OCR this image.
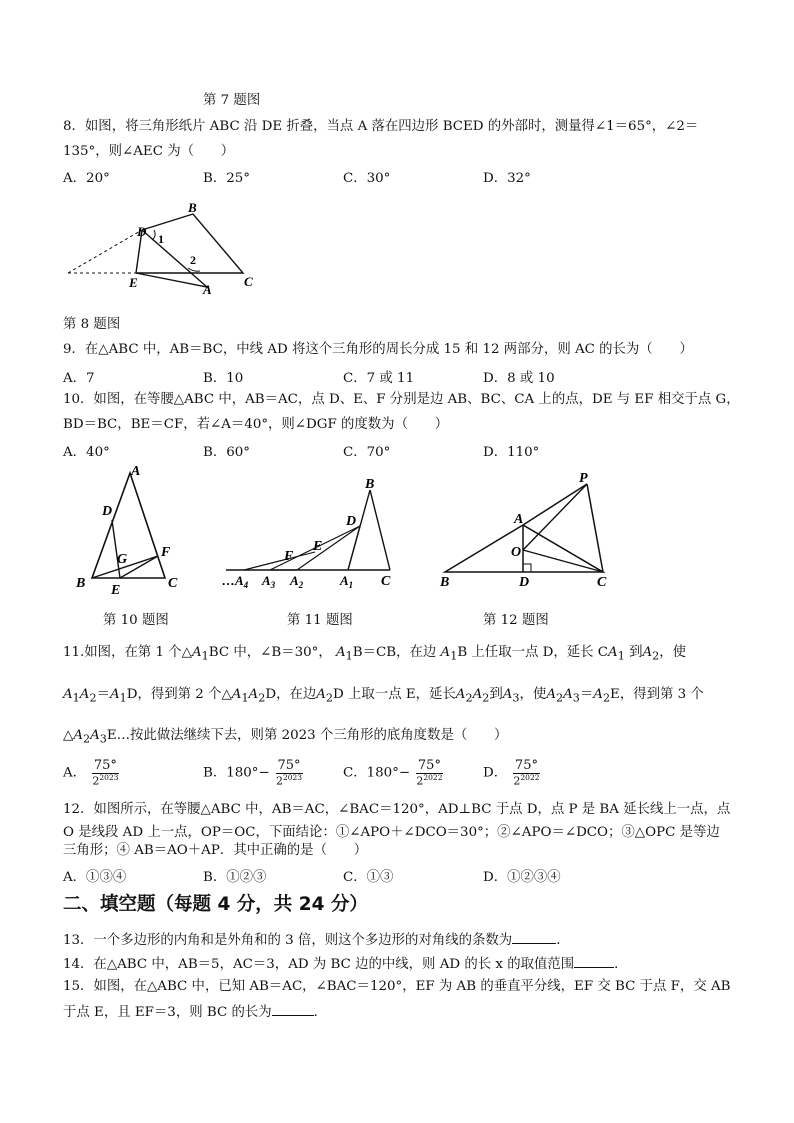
第 7 题图
8．如图，将三角形纸片 ABC 沿 DE 折叠，当点 A 落在四边形 BCED 的外部时，测量得∠1＝65°，∠2＝
135°，则∠AEC 为（　　）
A．20°	B．25°	C．30°	D．32°
B
D 1
2
E	A
C
第 8 题图
9．在△ABC 中，AB＝BC，中线 AD 将这个三角形的周长分成 15 和 12 两部分，则 AC 的长为（　　）
A．7	B．10	C．7 或 11	D．8 或 10
10．如图，在等腰△ABC 中，AB＝AC，点 D、E、F 分别是边 AB、BC、CA 上的点，DE 与 EF 相交于点 G，
BD＝BC，BE＝CF，若∠A＝40°，则∠DGF 的度数为（　　）
A．40°	B．60°	C．70°	D．110°
A
D
G F
B E	C
B
D
E
F
$\dots A_4$ $A_3$ $A_2$	$A_1$ C
P
A
O
B	D	C
第 10 题图	第 11 题图	第 12 题图
11.如图，在第 1 个$\triangle A_1BC$ 中，∠B＝30°， $A_1B=CB$，在边 $A_1B$ 上任取一点 D，延长 $CA_1$ 到$A_2$，使
$A_1A_2=A_1D$，得到第 2 个$\triangle A_1A_2D$，在边$A_2D$ 上取一点 E，延长$A_2A_2$到$A_3$，使$A_2A_3=A_2E$，得到第 3 个
$\triangle A_2A_3E\dots$按此做法继续下去，则第 2023 个三角形的底角度数是（　　）
A． $\frac{75^\circ}{2^{2023}}$	B．$180^\circ- \frac{75^\circ}{2^{2023}}$	C．$180^\circ- \frac{75^\circ}{2^{2022}}$	D． $\frac{75^\circ}{2^{2022}}$
12．如图所示，在等腰△ABC 中，AB＝AC，∠BAC＝120°，AD⊥BC 于点 D，点 P 是 BA 延长线上一点，点
O 是线段 AD 上一点，OP＝OC，下面结论：①∠APO＋∠DCO＝30°；②∠APO＝∠DCO；③△OPC 是等边
三角形；④ AB＝AO＋AP．其中正确的是（　　）
A．①③④	B．①②③	C．①③	D．①②③④
二、填空题（每题 4 分，共 24 分）
13．一个多边形的内角和是外角和的 3 倍，则这个多边形的对角线的条数为	．
14．在△ABC 中，AB＝5，AC＝3，AD 为 BC 边的中线，则 AD 的长 x 的取值范围	．
15．如图，在△ABC 中，已知 AB＝AC，∠BAC＝120°，EF 为 AB 的垂直平分线，EF 交 BC 于点 F，交 AB
于点 E，且 EF＝3，则 BC 的长为	．
